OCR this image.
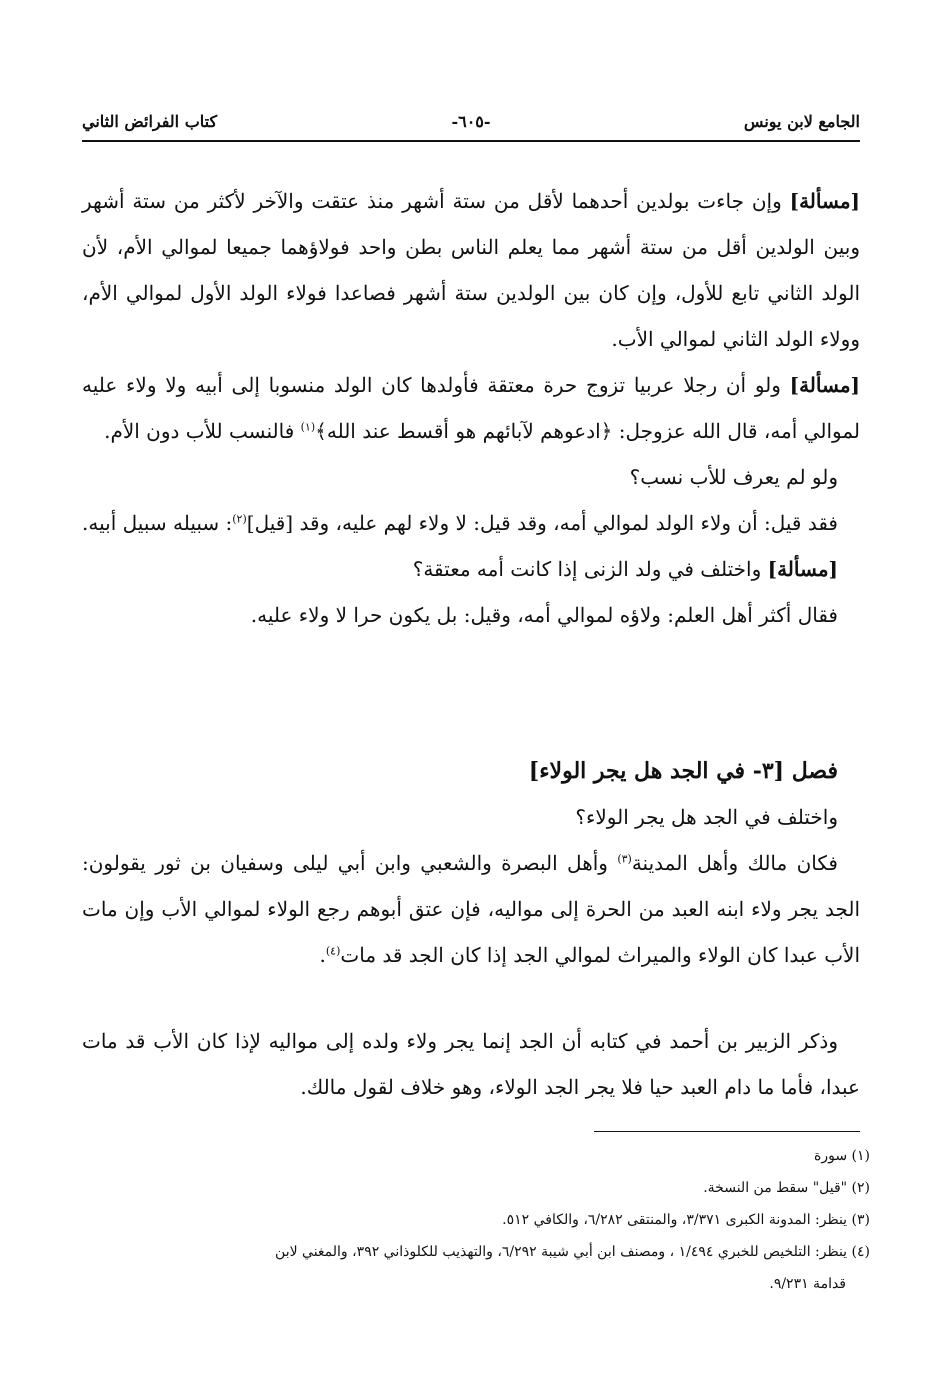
الجامع لابن يونس
-٦٠٥-
كتاب الفرائض الثاني

[مسألة] وإن جاءت بولدين أحدهما لأقل من ستة أشهر منذ عتقت والآخر لأكثر من ستة أشهر وبين الولدين أقل من ستة أشهر مما يعلم الناس بطن واحد فولاؤهما جميعا لموالي الأم، لأن الولد الثاني تابع للأول، وإن كان بين الولدين ستة أشهر فصاعدا فولاء الولد الأول لموالي الأم، وولاء الولد الثاني لموالي الأب.

[مسألة] ولو أن رجلا عربيا تزوج حرة معتقة فأولدها كان الولد منسوبا إلى أبيه ولا ولاء عليه لموالي أمه، قال الله عزوجل: ﴿ادعوهم لآبائهم هو أقسط عند الله﴾$^{(١)}$ فالنسب للأب دون الأم.

ولو لم يعرف للأب نسب؟

فقد قيل: أن ولاء الولد لموالي أمه، وقد قيل: لا ولاء لهم عليه، وقد [قيل]$^{(٢)}$: سبيله سبيل أبيه.

[مسألة] واختلف في ولد الزنى إذا كانت أمه معتقة؟

فقال أكثر أهل العلم: ولاؤه لموالي أمه، وقيل: بل يكون حرا لا ولاء عليه.

فصل [٣- في الجد هل يجر الولاء]

واختلف في الجد هل يجر الولاء؟

فكان مالك وأهل المدينة$^{(٣)}$ وأهل البصرة والشعبي وابن أبي ليلى وسفيان بن ثور يقولون: الجد يجر ولاء ابنه العبد من الحرة إلى مواليه، فإن عتق أبوهم رجع الولاء لموالي الأب وإن مات الأب عبدا كان الولاء والميراث لموالي الجد إذا كان الجد قد مات$^{(٤)}$.

وذكر الزبير بن أحمد في كتابه أن الجد إنما يجر ولاء ولده إلى مواليه لإذا كان الأب قد مات عبدا، فأما ما دام العبد حيا فلا يجر الجد الولاء، وهو خلاف لقول مالك.

(١) سورة

(٢) "قيل" سقط من النسخة.

(٣) ينظر: المدونة الكبرى ٣/٣٧١، والمنتقى ٦/٢٨٢، والكافي ٥١٢.

(٤) ينظر: التلخيص للخبري ١/٤٩٤ ، ومصنف ابن أبي شيبة ٦/٢٩٢، والتهذيب للكلوذاني ٣٩٢، والمغني لابن

قدامة ٩/٢٣١.
